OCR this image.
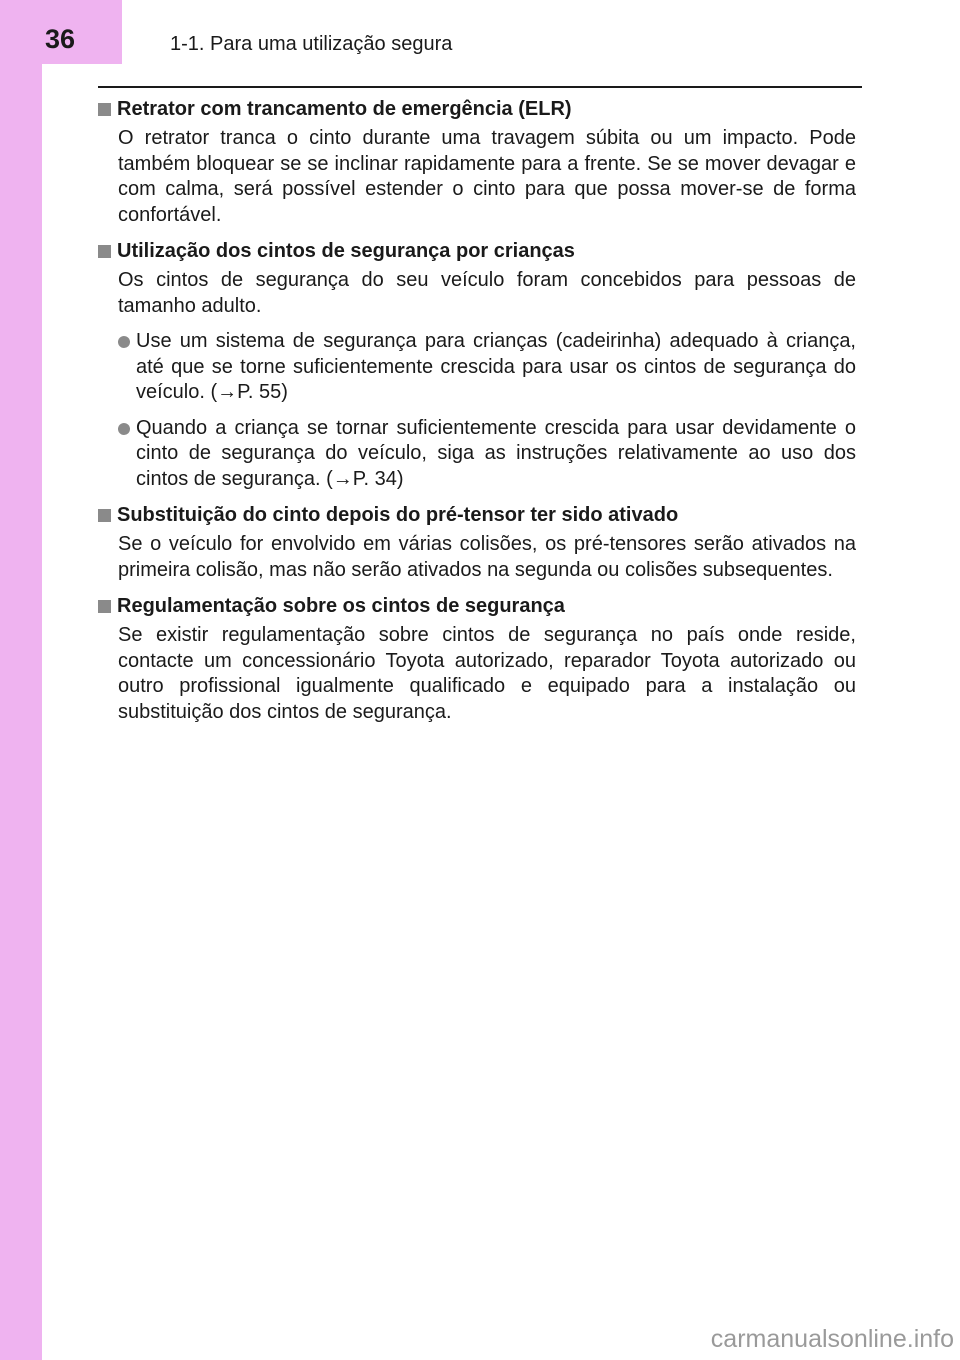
36	1-1. Para uma utilização segura
Retrator com trancamento de emergência (ELR)
O retrator tranca o cinto durante uma travagem súbita ou um impacto. Pode também bloquear se se inclinar rapidamente para a frente. Se se mover devagar e com calma, será possível estender o cinto para que possa mover-se de forma confortável.
Utilização dos cintos de segurança por crianças
Os cintos de segurança do seu veículo foram concebidos para pessoas de tamanho adulto.
Use um sistema de segurança para crianças (cadeirinha) adequado à criança, até que se torne suficientemente crescida para usar os cintos de segurança do veículo. (→P. 55)
Quando a criança se tornar suficientemente crescida para usar devidamente o cinto de segurança do veículo, siga as instruções relativamente ao uso dos cintos de segurança. (→P. 34)
Substituição do cinto depois do pré-tensor ter sido ativado
Se o veículo for envolvido em várias colisões, os pré-tensores serão ativados na primeira colisão, mas não serão ativados na segunda ou colisões subsequentes.
Regulamentação sobre os cintos de segurança
Se existir regulamentação sobre cintos de segurança no país onde reside, contacte um concessionário Toyota autorizado, reparador Toyota autorizado ou outro profissional igualmente qualificado e equipado para a instalação ou substituição dos cintos de segurança.
carmanualsonline.info
